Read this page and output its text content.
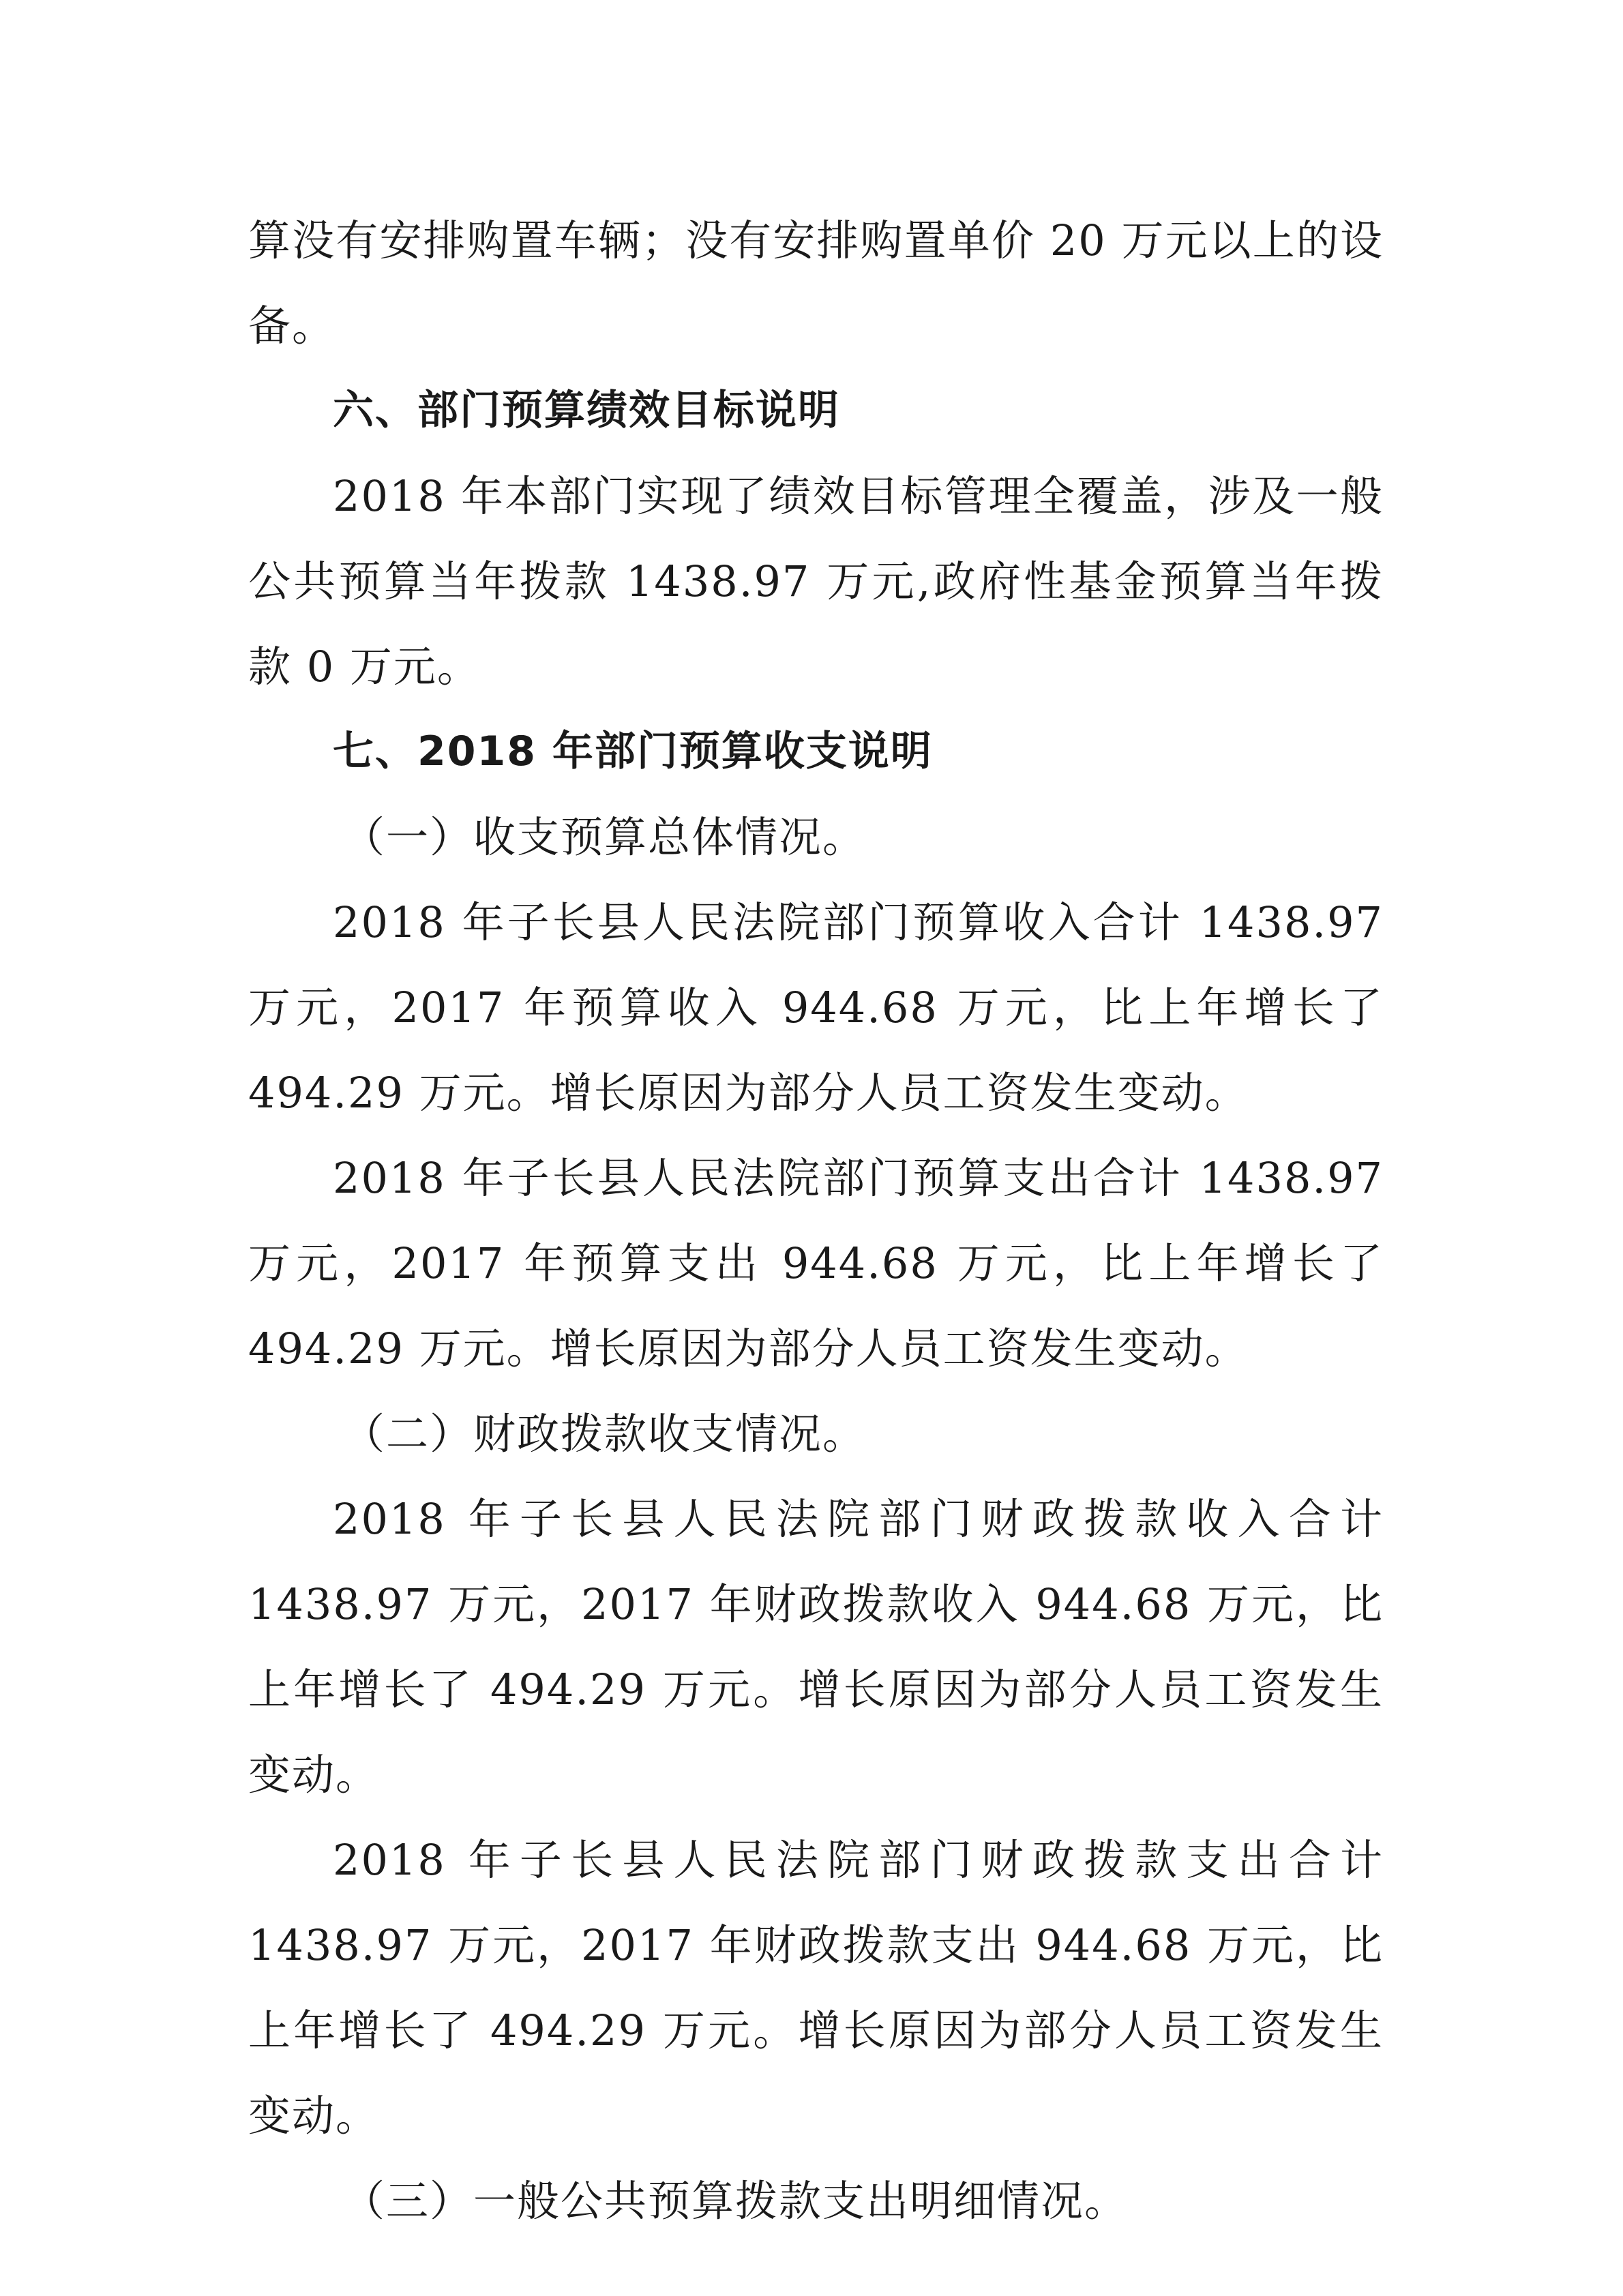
算没有安排购置车辆；没有安排购置单价 20 万元以上的设备。

六、部门预算绩效目标说明

2018 年本部门实现了绩效目标管理全覆盖，涉及一般公共预算当年拨款 1438.97 万元,政府性基金预算当年拨款 0 万元。

七、2018 年部门预算收支说明

（一）收支预算总体情况。

2018 年子长县人民法院部门预算收入合计 1438.97 万元，2017 年预算收入 944.68 万元，比上年增长了 494.29 万元。增长原因为部分人员工资发生变动。

2018 年子长县人民法院部门预算支出合计 1438.97 万元，2017 年预算支出 944.68 万元，比上年增长了 494.29 万元。增长原因为部分人员工资发生变动。

（二）财政拨款收支情况。

2018 年子长县人民法院部门财政拨款收入合计 1438.97 万元，2017 年财政拨款收入 944.68 万元，比上年增长了 494.29 万元。增长原因为部分人员工资发生变动。

2018 年子长县人民法院部门财政拨款支出合计 1438.97 万元，2017 年财政拨款支出 944.68 万元，比上年增长了 494.29 万元。增长原因为部分人员工资发生变动。

（三）一般公共预算拨款支出明细情况。
